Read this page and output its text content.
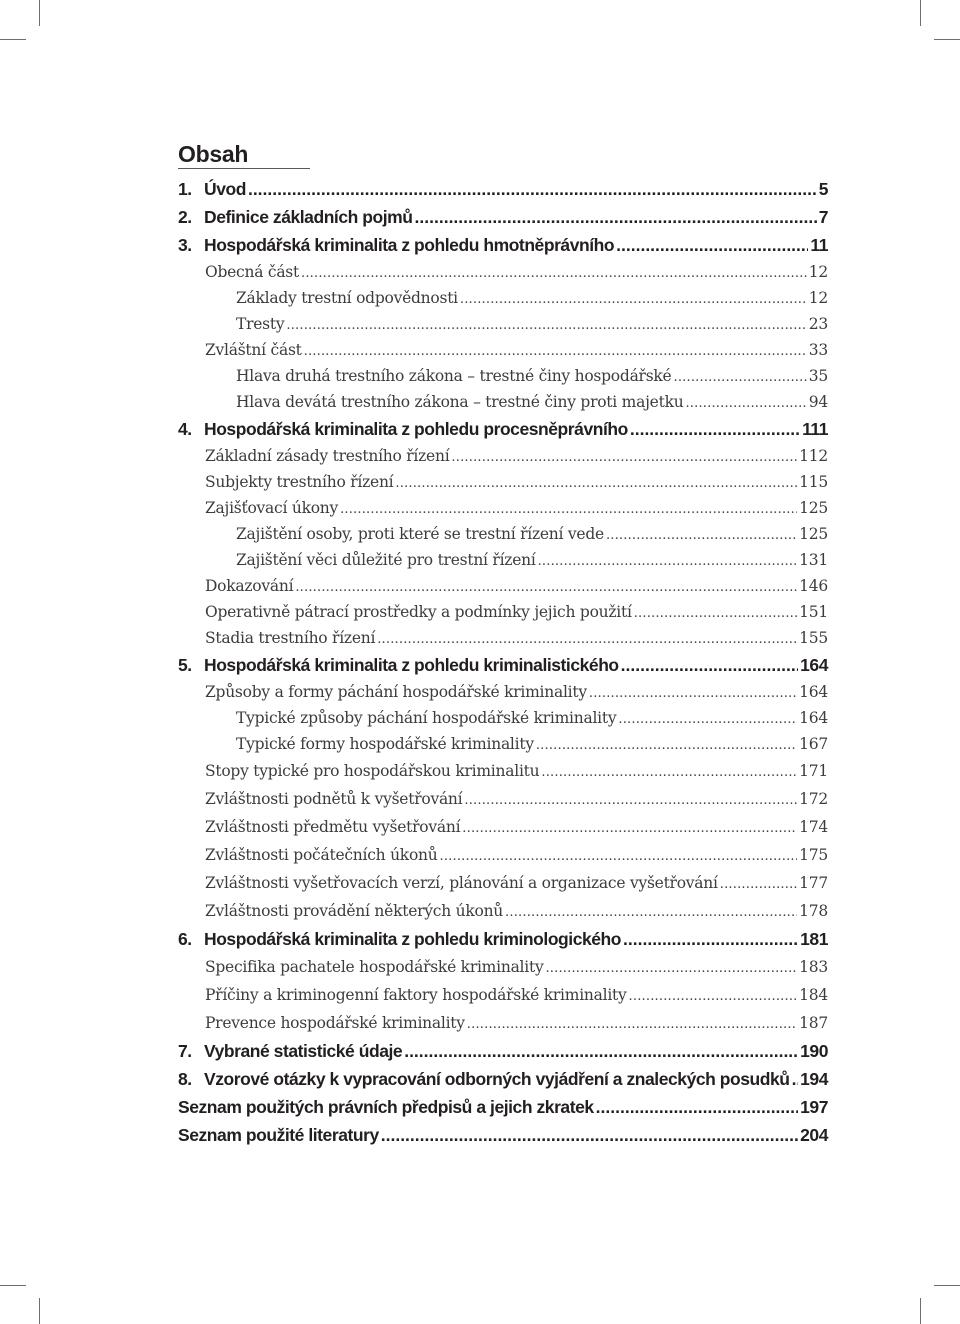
Obsah
1. Úvod .....	5
2. Definice základních pojmů .....	7
3. Hospodářská kriminalita z pohledu hmotněprávního .....	11
Obecná část .....	12
Základy trestní odpovědnosti .....	12
Tresty .....	23
Zvláštní část .....	33
Hlava druhá trestního zákona – trestné činy hospodářské .....	35
Hlava devátá trestního zákona – trestné činy proti majetku .....	94
4. Hospodářská kriminalita z pohledu procesněprávního .....	111
Základní zásady trestního řízení .....	112
Subjekty trestního řízení .....	115
Zajišťovací úkony .....	125
Zajištění osoby, proti které se trestní řízení vede .....	125
Zajištění věci důležité pro trestní řízení .....	131
Dokazování .....	146
Operativně pátrací prostředky a podmínky jejich použití .....	151
Stadia trestního řízení .....	155
5. Hospodářská kriminalita z pohledu kriminalistického .....	164
Způsoby a formy páchání hospodářské kriminality .....	164
Typické způsoby páchání hospodářské kriminality .....	164
Typické formy hospodářské kriminality .....	167
Stopy typické pro hospodářskou kriminalitu .....	171
Zvláštnosti podnětů k vyšetřování .....	172
Zvláštnosti předmětu vyšetřování .....	174
Zvláštnosti počátečních úkonů .....	175
Zvláštnosti vyšetřovacích verzí, plánování a organizace vyšetřování .....	177
Zvláštnosti provádění některých úkonů .....	178
6. Hospodářská kriminalita z pohledu kriminologického .....	181
Specifika pachatele hospodářské kriminality .....	183
Příčiny a kriminogenní faktory hospodářské kriminality .....	184
Prevence hospodářské kriminality .....	187
7. Vybrané statistické údaje .....	190
8. Vzorové otázky k vypracování odborných vyjádření a znaleckých posudků ..... 194
Seznam použitých právních předpisů a jejich zkratek .....	197
Seznam použité literatury .....	204
